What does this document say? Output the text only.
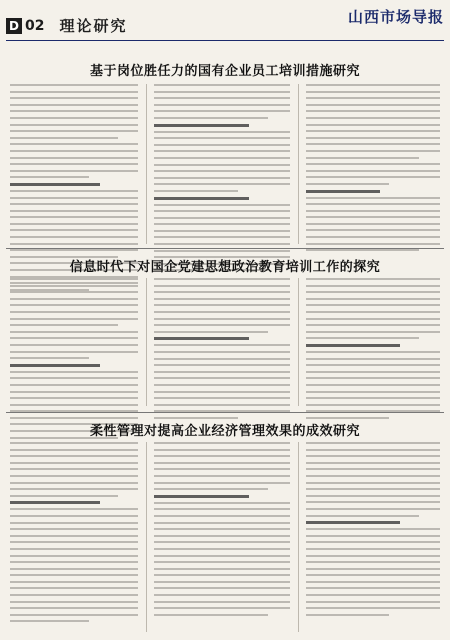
D 02 理论研究	山西市场导报
基于岗位胜任力的国有企业员工培训措施研究
信息时代下对国企党建思想政治教育培训工作的探究
柔性管理对提高企业经济管理效果的成效研究
